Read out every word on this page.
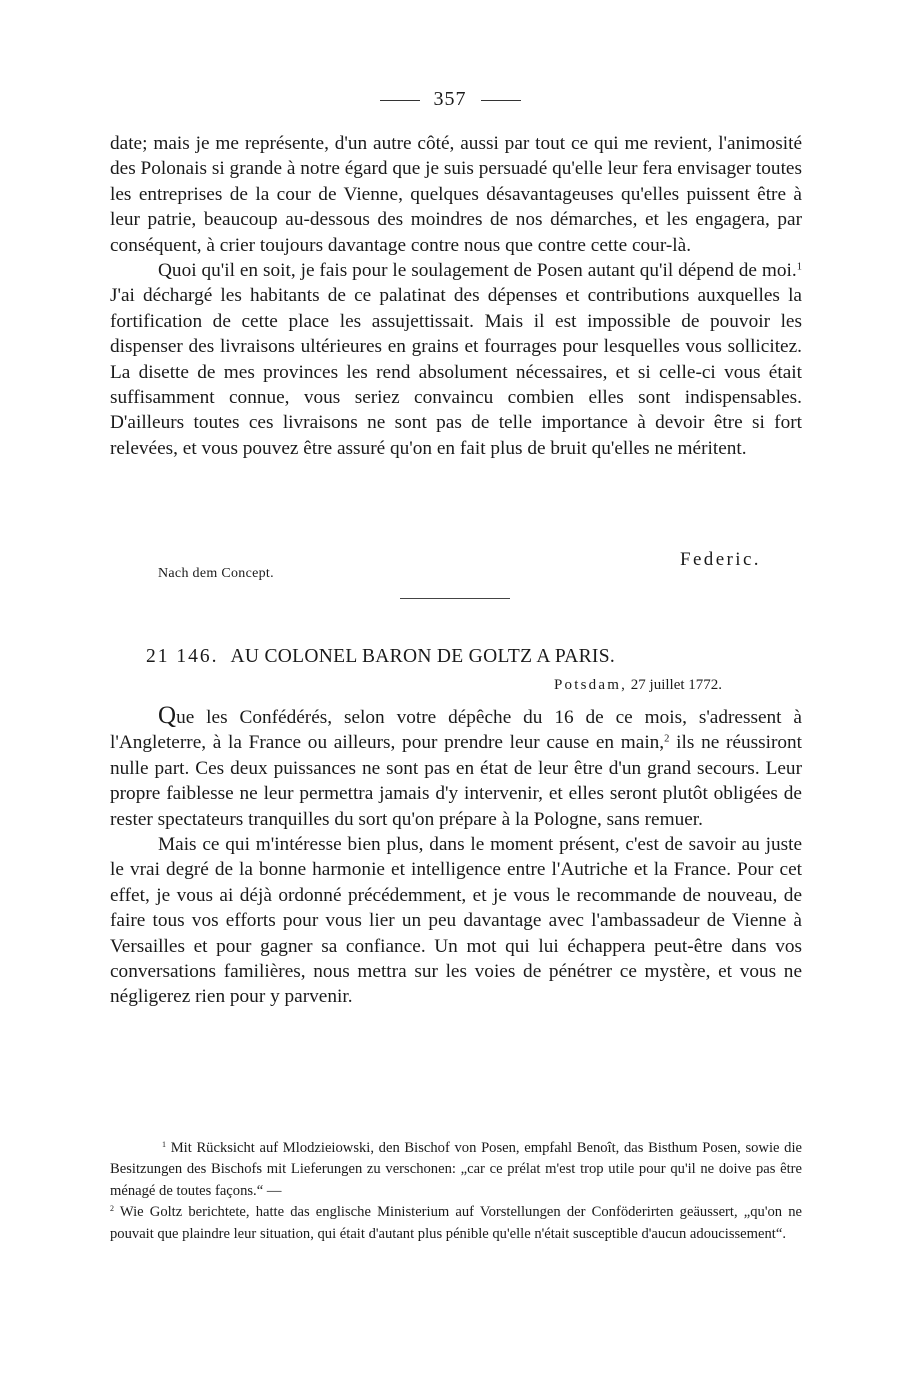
357

date; mais je me représente, d'un autre côté, aussi par tout ce qui me revient, l'animosité des Polonais si grande à notre égard que je suis persuadé qu'elle leur fera envisager toutes les entreprises de la cour de Vienne, quelques désavantageuses qu'elles puissent être à leur patrie, beaucoup au-dessous des moindres de nos démarches, et les engagera, par conséquent, à crier toujours davantage contre nous que contre cette cour-là.

Quoi qu'il en soit, je fais pour le soulagement de Posen autant qu'il dépend de moi.$^1$ J'ai déchargé les habitants de ce palatinat des dépenses et contributions auxquelles la fortification de cette place les assujettissait. Mais il est impossible de pouvoir les dispenser des livraisons ultérieures en grains et fourrages pour lesquelles vous sollicitez. La disette de mes provinces les rend absolument nécessaires, et si celle-ci vous était suffisamment connue, vous seriez convaincu combien elles sont indispensables. D'ailleurs toutes ces livraisons ne sont pas de telle importance à devoir être si fort relevées, et vous pouvez être assuré qu'on en fait plus de bruit qu'elles ne méritent.

Federic.
Nach dem Concept.
21 146. AU COLONEL BARON DE GOLTZ A PARIS.
Potsdam, 27 juillet 1772.

Que les Confédérés, selon votre dépêche du 16 de ce mois, s'adressent à l'Angleterre, à la France ou ailleurs, pour prendre leur cause en main,$^2$ ils ne réussiront nulle part. Ces deux puissances ne sont pas en état de leur être d'un grand secours. Leur propre faiblesse ne leur permettra jamais d'y intervenir, et elles seront plutôt obligées de rester spectateurs tranquilles du sort qu'on prépare à la Pologne, sans remuer.

Mais ce qui m'intéresse bien plus, dans le moment présent, c'est de savoir au juste le vrai degré de la bonne harmonie et intelligence entre l'Autriche et la France. Pour cet effet, je vous ai déjà ordonné précédemment, et je vous le recommande de nouveau, de faire tous vos efforts pour vous lier un peu davantage avec l'ambassadeur de Vienne à Versailles et pour gagner sa confiance. Un mot qui lui échappera peut-être dans vos conversations familières, nous mettra sur les voies de pénétrer ce mystère, et vous ne négligerez rien pour y parvenir.

$^1$ Mit Rücksicht auf Mlodzieiowski, den Bischof von Posen, empfahl Benoît, das Bisthum Posen, sowie die Besitzungen des Bischofs mit Lieferungen zu verschonen: „car ce prélat m'est trop utile pour qu'il ne doive pas être ménagé de toutes façons.“ —
$^2$ Wie Goltz berichtete, hatte das englische Ministerium auf Vorstellungen der Conföderirten geäussert, „qu'on ne pouvait que plaindre leur situation, qui était d'autant plus pénible qu'elle n'était susceptible d'aucun adoucissement“.
